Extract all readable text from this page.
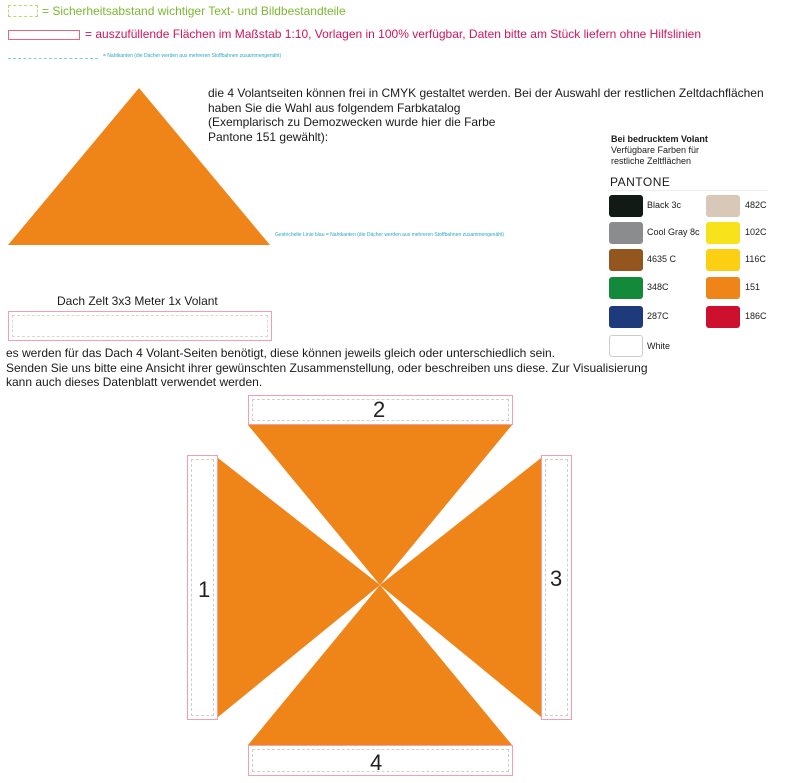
= Sicherheitsabstand wichtiger Text- und Bildbestandteile
= auszufüllende Flächen im Maßstab 1:10, Vorlagen in 100% verfügbar, Daten bitte am Stück liefern ohne Hilfslinien
= Nahtkanten (die Dächer werden aus mehreren Stoffbahnen zusammengenäht)
Gestrichelte Linie blau = Nahtkanten (die Dächer werden aus mehreren Stoffbahnen zusammengenäht)
die 4 Volantseiten können frei in CMYK gestaltet werden. Bei der Auswahl der restlichen Zeltdachflächen
haben Sie die Wahl aus folgendem Farbkatalog
(Exemplarisch zu Demozwecken wurde hier die Farbe
Pantone 151 gewählt):	Bei bedrucktem Volant
Verfügbare Farben für restliche Zeltflächen
PANTONE
Black 3c
Cool Gray 8c
4635 C
348C
287C
White
482C
102C
116C
151
186C
Dach Zelt 3x3 Meter 1x Volant
es werden für das Dach 4 Volant-Seiten benötigt, diese können jeweils gleich oder unterschiedlich sein.
Senden Sie uns bitte eine Ansicht ihrer gewünschten Zusammenstellung, oder beschreiben uns diese. Zur Visualisierung
kann auch dieses Datenblatt verwendet werden.
2
1	3
4
